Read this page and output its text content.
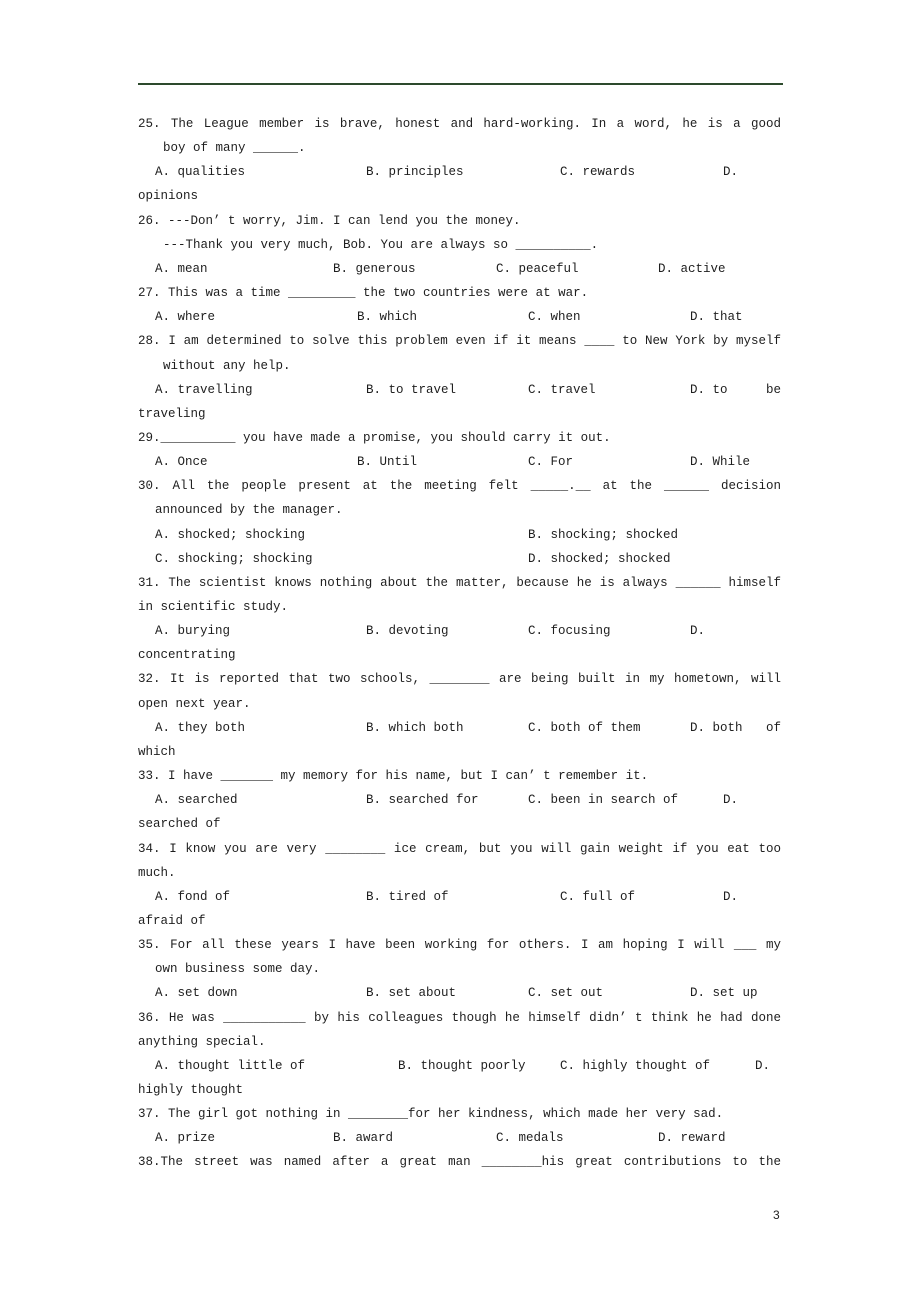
25. The League member is brave, honest and hard-working. In a word, he is a good
boy of many ______.
A. qualities	B. principles	C. rewards	D.
opinions
26. ---Don’ t worry, Jim. I can lend you the money.
---Thank you very much, Bob. You are always so __________.
A. mean	B. generous	C. peaceful	D. active
27. This was a time _________ the two countries were at war.
A. where	B. which	C. when	D. that
28. I am determined to solve this problem even if it means ____ to New York by myself
without any help.
A. travelling	B. to travel	C. travel	D. to be
traveling
29.__________ you have made a promise, you should carry it out.
A. Once	B. Until	C. For	D. While
30. All the people present at the meeting felt _____.__ at the ______ decision
announced by the manager.
A. shocked; shocking	B. shocking; shocked
C. shocking; shocking	D. shocked; shocked
31. The scientist knows nothing about the matter, because he is always ______ himself
in scientific study.
A. burying	B. devoting	C. focusing	D.
concentrating
32. It is reported that two schools, ________ are being built in my hometown, will
open next year.
A. they both	B. which both	C. both of them	D. both of
which
33. I have _______ my memory for his name, but I can’ t remember it.
A. searched	B. searched for	C. been in search of	D.
searched of
34. I know you are very ________ ice cream, but you will gain weight if you eat too
much.
A. fond of	B. tired of	C. full of	D.
afraid of
35. For all these years I have been working for others. I am hoping I will ___ my
own business some day.
A. set down	B. set about	C. set out	D. set up
36. He was ___________ by his colleagues though he himself didn’ t think he had done
anything special.
A. thought little of	B. thought poorly	C. highly thought of	D.
highly thought
37. The girl got nothing in ________for her kindness, which made her very sad.
A. prize	B. award	C. medals	D. reward
38.The street was named after a great man ________his great contributions to the
3
